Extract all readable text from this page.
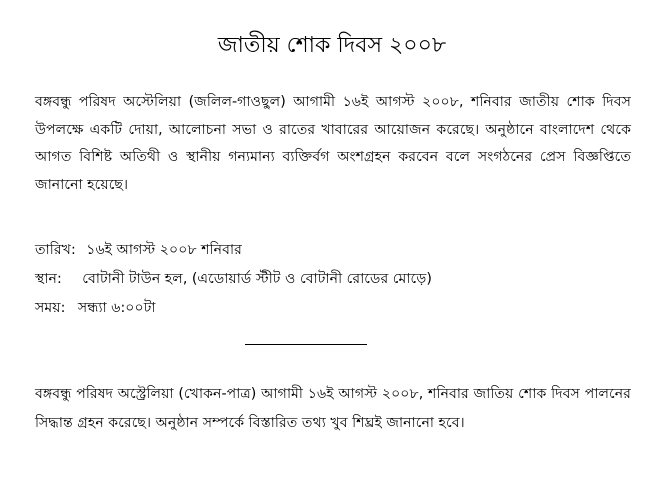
জাতীয় শোক দিবস ২০০৮

বঙ্গবন্ধু পরিষদ অস্টেলিয়া (জলিল-গাওছুল) আগামী ১৬ই আগস্ট ২০০৮, শনিবার জাতীয় শোক দিবস উপলক্ষে একটি দোয়া, আলোচনা সভা ও রাতের খাবারের আয়োজন করেছে। অনুষ্ঠানে বাংলাদেশ থেকে আগত বিশিষ্ট অতিথী ও স্থানীয় গন্যমান্য ব্যক্তির্বগ অংশগ্রহন করবেন বলে সংগঠনের প্রেস বিজ্ঞপ্তিতে জানানো হয়েছে।

তারিখ: ১৬ই আগস্ট ২০০৮ শনিবার
স্থান: বোটানী টাউন হল, (এডোয়ার্ড স্টীট ও বোটানী রোডের মোড়ে)
সময়: সন্ধ্যা ৬:০০টা

বঙ্গবন্ধু পরিষদ অস্ট্রেলিয়া (খোকন-পাত্র) আগামী ১৬ই আগস্ট ২০০৮, শনিবার জাতিয় শোক দিবস পালনের সিদ্ধান্ত গ্রহন করেছে। অনুষ্ঠান সম্পর্কে বিস্তারিত তথ্য খুব শিঘ্রই জানানো হবে।
